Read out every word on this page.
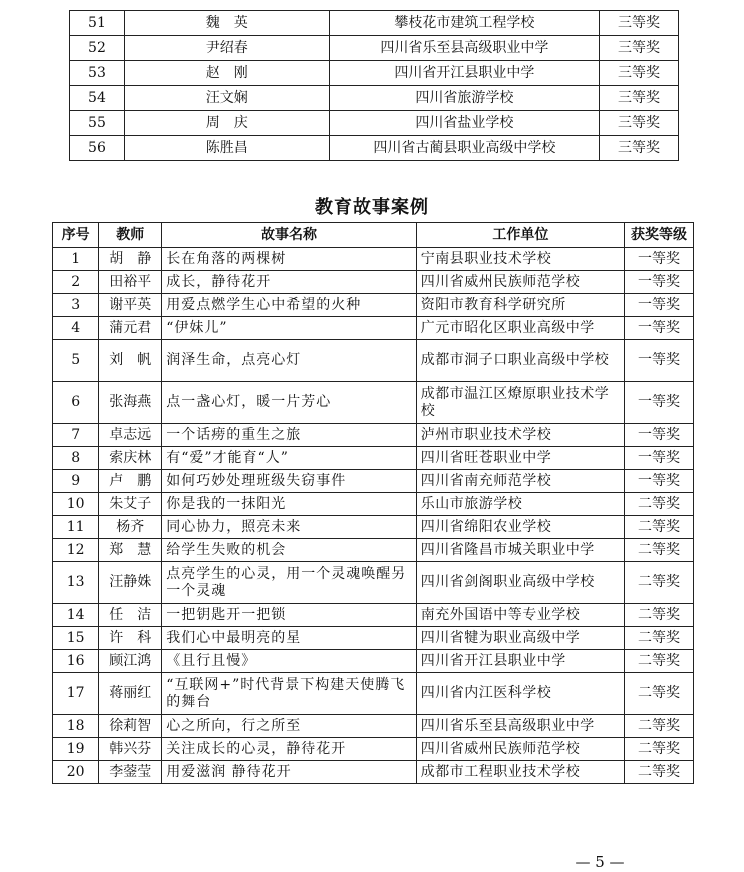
51	魏　英	攀枝花市建筑工程学校	三等奖
52	尹绍春	四川省乐至县高级职业中学	三等奖
53	赵　刚	四川省开江县职业中学	三等奖
54	汪文娴	四川省旅游学校	三等奖
55	周　庆	四川省盐业学校	三等奖
56	陈胜昌	四川省古蔺县职业高级中学校	三等奖
教育故事案例
序号	教师	故事名称	工作单位	获奖等级
1	胡　静	长在角落的两棵树	宁南县职业技术学校	一等奖
2	田裕平	成长，静待花开	四川省威州民族师范学校	一等奖
3	谢平英	用爱点燃学生心中希望的火种	资阳市教育科学研究所	一等奖
4	蒲元君	“伊妹儿”	广元市昭化区职业高级中学	一等奖
5	刘　帆	润泽生命，点亮心灯	成都市洞子口职业高级中学校	一等奖
6	张海燕	点一盏心灯，暖一片芳心	成都市温江区燎原职业技术学校	一等奖
7	卓志远	一个话痨的重生之旅	泸州市职业技术学校	一等奖
8	索庆林	有“爱”才能育“人”	四川省旺苍职业中学	一等奖
9	卢　鹏	如何巧妙处理班级失窃事件	四川省南充师范学校	一等奖
10	朱艾子	你是我的一抹阳光	乐山市旅游学校	二等奖
11	杨齐	同心协力，照亮未来	四川省绵阳农业学校	二等奖
12	郑　慧	给学生失败的机会	四川省隆昌市城关职业中学	二等奖
13	汪静姝	点亮学生的心灵，用一个灵魂唤醒另一个灵魂	四川省剑阁职业高级中学校	二等奖
14	任　洁	一把钥匙开一把锁	南充外国语中等专业学校	二等奖
15	许　科	我们心中最明亮的星	四川省犍为职业高级中学	二等奖
16	顾江鸿	《且行且慢》	四川省开江县职业中学	二等奖
17	蒋丽红	“互联网+”时代背景下构建天使腾飞的舞台	四川省内江医科学校	二等奖
18	徐莉智	心之所向，行之所至	四川省乐至县高级职业中学	二等奖
19	韩兴芬	关注成长的心灵，静待花开	四川省威州民族师范学校	二等奖
20	李蓥莹	用爱滋润 静待花开	成都市工程职业技术学校	二等奖
— 5 —
